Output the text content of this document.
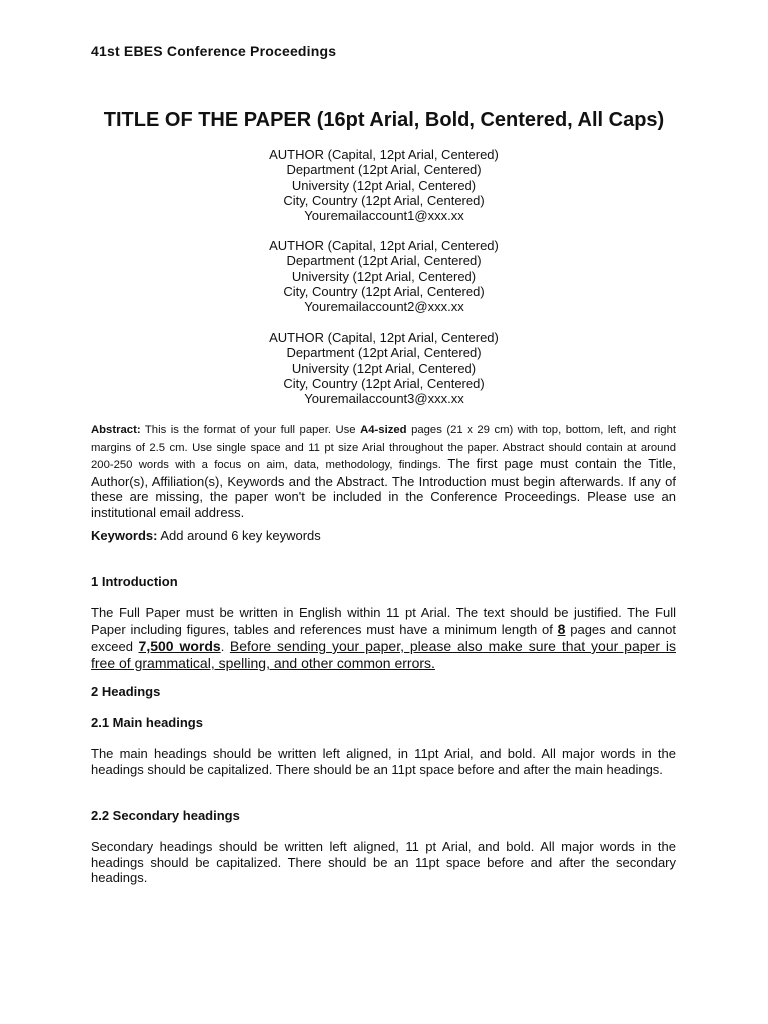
41st EBES Conference Proceedings
TITLE OF THE PAPER (16pt Arial, Bold, Centered, All Caps)
AUTHOR (Capital, 12pt Arial, Centered)
Department (12pt Arial, Centered)
University (12pt Arial, Centered)
City, Country (12pt Arial, Centered)
Youremailaccount1@xxx.xx
AUTHOR (Capital, 12pt Arial, Centered)
Department (12pt Arial, Centered)
University (12pt Arial, Centered)
City, Country (12pt Arial, Centered)
Youremailaccount2@xxx.xx
AUTHOR (Capital, 12pt Arial, Centered)
Department (12pt Arial, Centered)
University (12pt Arial, Centered)
City, Country (12pt Arial, Centered)
Youremailaccount3@xxx.xx
Abstract: This is the format of your full paper. Use A4-sized pages (21 x 29 cm) with top, bottom, left, and right margins of 2.5 cm. Use single space and 11 pt size Arial throughout the paper. Abstract should contain at around 200-250 words with a focus on aim, data, methodology, findings. The first page must contain the Title, Author(s), Affiliation(s), Keywords and the Abstract. The Introduction must begin afterwards. If any of these are missing, the paper won't be included in the Conference Proceedings. Please use an institutional email address.
Keywords: Add around 6 key keywords
1 Introduction
The Full Paper must be written in English within 11 pt Arial. The text should be justified. The Full Paper including figures, tables and references must have a minimum length of 8 pages and cannot exceed 7,500 words. Before sending your paper, please also make sure that your paper is free of grammatical, spelling, and other common errors.
2 Headings
2.1 Main headings
The main headings should be written left aligned, in 11pt Arial, and bold. All major words in the headings should be capitalized. There should be an 11pt space before and after the main headings.
2.2 Secondary headings
Secondary headings should be written left aligned, 11 pt Arial, and bold. All major words in the headings should be capitalized. There should be an 11pt space before and after the secondary headings.
